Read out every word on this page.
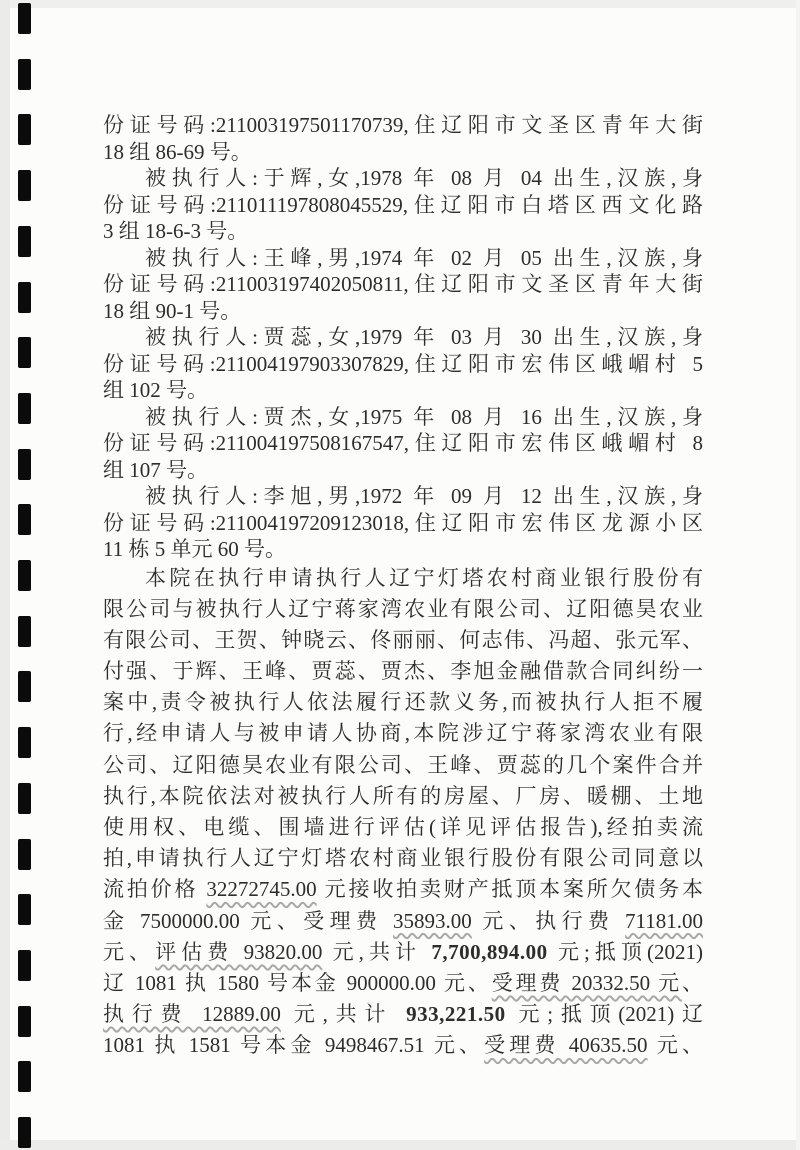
份证号码:211003197501170739,住辽阳市文圣区青年大街
18 组 86-69 号。
被执行人:于辉,女,1978 年 08 月 04 出生,汉族,身
份证号码:211011197808045529,住辽阳市白塔区西文化路
3 组 18-6-3 号。
被执行人:王峰,男,1974 年 02 月 05 出生,汉族,身
份证号码:211003197402050811,住辽阳市文圣区青年大街
18 组 90-1 号。
被执行人:贾蕊,女,1979 年 03 月 30 出生,汉族,身
份证号码:211004197903307829,住辽阳市宏伟区峨嵋村 5
组 102 号。
被执行人:贾杰,女,1975 年 08 月 16 出生,汉族,身
份证号码:211004197508167547,住辽阳市宏伟区峨嵋村 8
组 107 号。
被执行人:李旭,男,1972 年 09 月 12 出生,汉族,身
份证号码:211004197209123018,住辽阳市宏伟区龙源小区
11 栋 5 单元 60 号。
本院在执行申请执行人辽宁灯塔农村商业银行股份有
限公司与被执行人辽宁蒋家湾农业有限公司、辽阳德昊农业
有限公司、王贺、钟晓云、佟丽丽、何志伟、冯超、张元军、
付强、于辉、王峰、贾蕊、贾杰、李旭金融借款合同纠纷一
案中,责令被执行人依法履行还款义务,而被执行人拒不履
行,经申请人与被申请人协商,本院涉辽宁蒋家湾农业有限
公司、辽阳德昊农业有限公司、王峰、贾蕊的几个案件合并
执行,本院依法对被执行人所有的房屋、厂房、暖棚、土地
使用权、电缆、围墙进行评估(详见评估报告),经拍卖流
拍,申请执行人辽宁灯塔农村商业银行股份有限公司同意以
流拍价格 32272745.00 元接收拍卖财产抵顶本案所欠债务本
金 7500000.00 元、受理费 35893.00 元、执行费 71181.00
元、评估费 93820.00 元,共计 7,700,894.00 元;抵顶(2021)
辽 1081 执 1580 号本金 900000.00 元、受理费 20332.50 元、
执行费 12889.00 元,共计 933,221.50 元;抵顶(2021)辽
1081 执 1581 号本金 9498467.51 元、受理费 40635.50 元、
